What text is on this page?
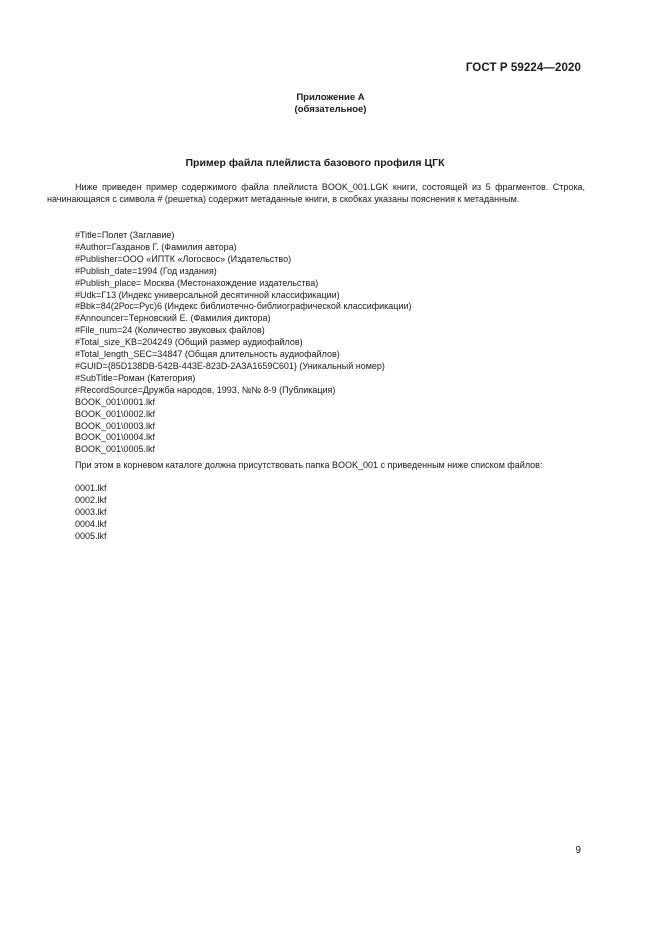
ГОСТ Р 59224—2020
Приложение А
(обязательное)
Пример файла плейлиста базового профиля ЦГК

Ниже приведен пример содержимого файла плейлиста BOOK_001.LGK книги, состоящей из 5 фрагментов. Строка, начинающаяся с символа # (решетка) содержит метаданные книги, в скобках указаны пояснения к метаданным.

#Title=Полет (Заглавие)
#Author=Газданов Г. (Фамилия автора)
#Publisher=ООО «ИПТК «Логосвос» (Издательство)
#Publish_date=1994 (Год издания)
#Publish_place= Москва (Местонахождение издательства)
#Udk=Г13 (Индекс универсальной десятичной классификации)
#Bbk=84(2Рос=Рус)6 (Индекс библиотечно-библиографической классификации)
#Announcer=Терновский Е. (Фамилия диктора)
#File_num=24 (Количество звуковых файлов)
#Total_size_KB=204249 (Общий размер аудиофайлов)
#Total_length_SEC=34847 (Общая длительность аудиофайлов)
#GUID={85D138DB-542B-443E-823D-2A3A1659C601} (Уникальный номер)
#SubTitle=Роман (Категория)
#RecordSource=Дружба народов, 1993, №№ 8-9 (Публикация)
BOOK_001\0001.lkf
BOOK_001\0002.lkf
BOOK_001\0003.lkf
BOOK_001\0004.lkf
BOOK_001\0005.lkf

При этом в корневом каталоге должна присутствовать папка BOOK_001 с приведенным ниже списком файлов:

0001.lkf
0002.lkf
0003.lkf
0004.lkf
0005.lkf
9
